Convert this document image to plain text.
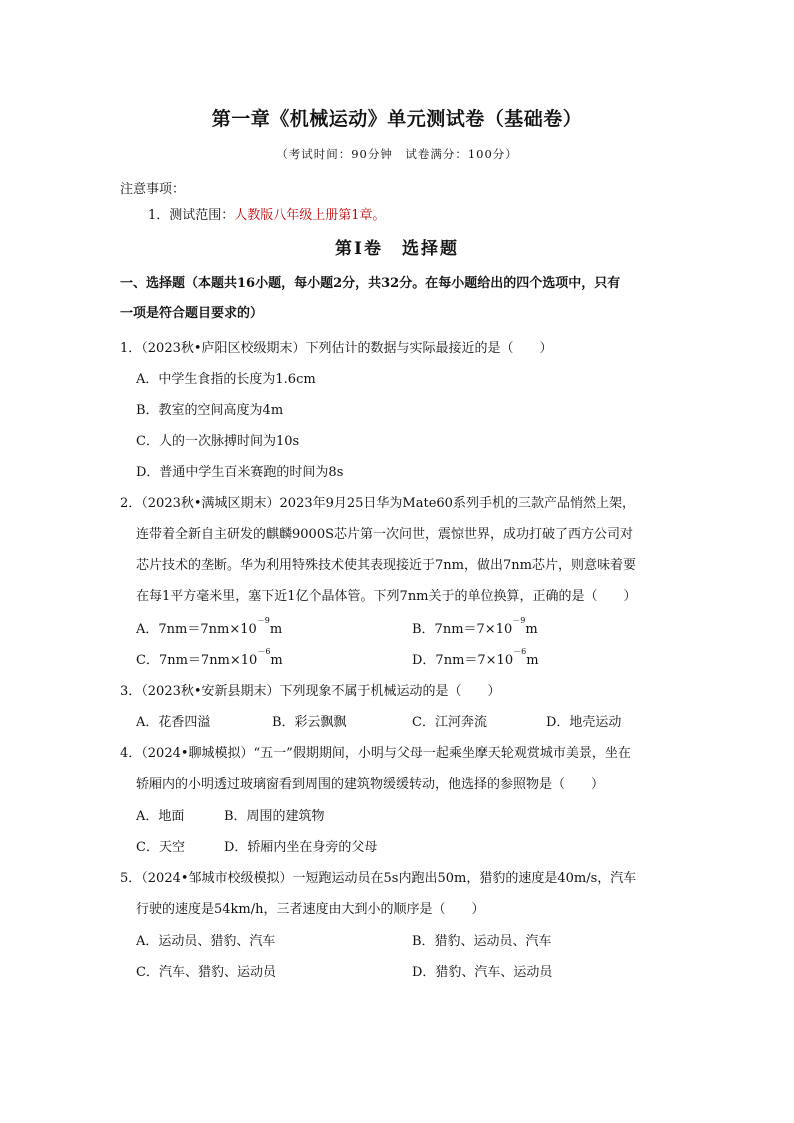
第一章《机械运动》单元测试卷（基础卷）
（考试时间：90分钟　试卷满分：100分）
注意事项：
1．测试范围：人教版八年级上册第1章。
第Ⅰ卷　选择题
一、选择题（本题共16小题，每小题2分，共32分。在每小题给出的四个选项中，只有
一项是符合题目要求的）
1．（2023秋•庐阳区校级期末）下列估计的数据与实际最接近的是（　　）
A．中学生食指的长度为1.6cm
B．教室的空间高度为4m
C．人的一次脉搏时间为10s
D．普通中学生百米赛跑的时间为8s
2．（2023秋•满城区期末）2023年9月25日华为Mate60系列手机的三款产品悄然上架，
连带着全新自主研发的麒麟9000S芯片第一次问世，震惊世界，成功打破了西方公司对
芯片技术的垄断。华为利用特殊技术使其表现接近于7nm，做出7nm芯片，则意味着要
在每1平方毫米里，塞下近1亿个晶体管。下列7nm关于的单位换算，正确的是（　　）
A．$7nm=7nm\times 10^{-9}m$	B．$7nm=7\times 10^{-9}m$
C．$7nm=7nm\times 10^{-6}m$	D．$7nm=7\times 10^{-6}m$
3．（2023秋•安新县期末）下列现象不属于机械运动的是（　　）
A．花香四溢	B．彩云飘飘	C．江河奔流	D．地壳运动
4．（2024•聊城模拟）“五一”假期期间，小明与父母一起乘坐摩天轮观赏城市美景，坐在
轿厢内的小明透过玻璃窗看到周围的建筑物缓缓转动，他选择的参照物是（　　）
A．地面	B．周围的建筑物
C．天空	D．轿厢内坐在身旁的父母
5．（2024•邹城市校级模拟）一短跑运动员在5s内跑出50m，猎豹的速度是40m/s，汽车
行驶的速度是54km/h，三者速度由大到小的顺序是（　　）
A．运动员、猎豹、汽车	B．猎豹、运动员、汽车
C．汽车、猎豹、运动员	D．猎豹、汽车、运动员
